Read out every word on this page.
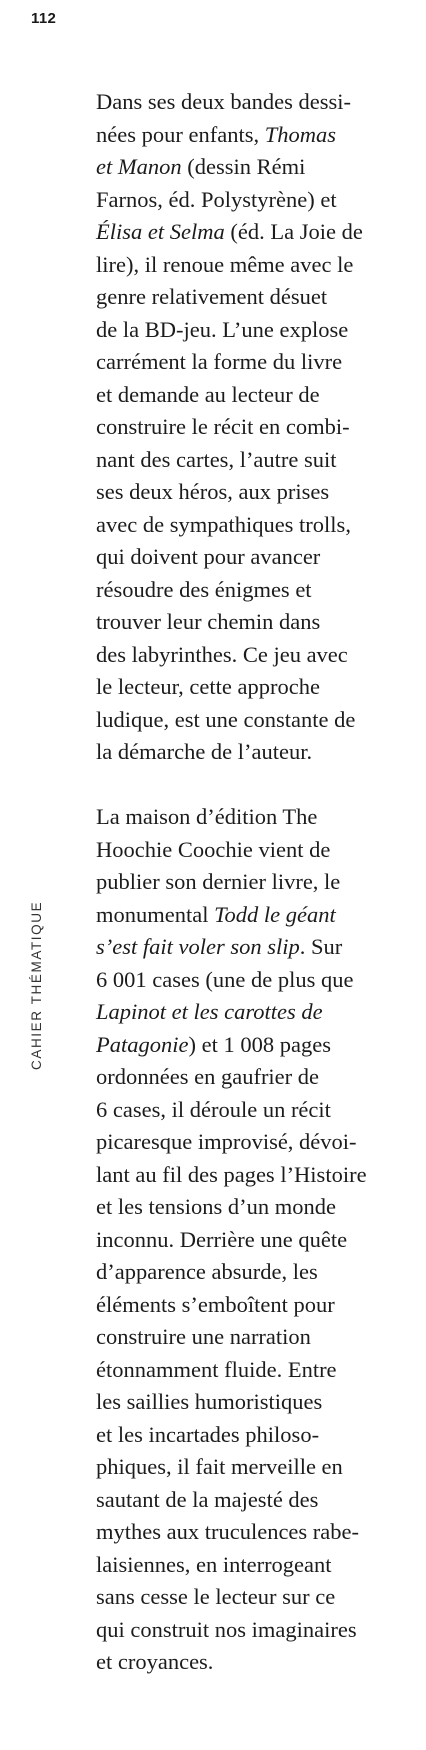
112
CAHIER THÉMATIQUE
Dans ses deux bandes dessi-
nées pour enfants, Thomas
et Manon (dessin Rémi
Farnos, éd. Polystyrène) et
Élisa et Selma (éd. La Joie de
lire), il renoue même avec le
genre relativement désuet
de la BD-jeu. L’une explose
carrément la forme du livre
et demande au lecteur de
construire le récit en combi-
nant des cartes, l’autre suit
ses deux héros, aux prises
avec de sympathiques trolls,
qui doivent pour avancer
résoudre des énigmes et
trouver leur chemin dans
des labyrinthes. Ce jeu avec
le lecteur, cette approche
ludique, est une constante de
la démarche de l’auteur.
La maison d’édition The
Hoochie Coochie vient de
publier son dernier livre, le
monumental Todd le géant
s’est fait voler son slip. Sur
6 001 cases (une de plus que
Lapinot et les carottes de
Patagonie) et 1 008 pages
ordonnées en gaufrier de
6 cases, il déroule un récit
picaresque improvisé, dévoi-
lant au fil des pages l’Histoire
et les tensions d’un monde
inconnu. Derrière une quête
d’apparence absurde, les
éléments s’emboîtent pour
construire une narration
étonnamment fluide. Entre
les saillies humoristiques
et les incartades philoso-
phiques, il fait merveille en
sautant de la majesté des
mythes aux truculences rabe-
laisiennes, en interrogeant
sans cesse le lecteur sur ce
qui construit nos imaginaires
et croyances.
